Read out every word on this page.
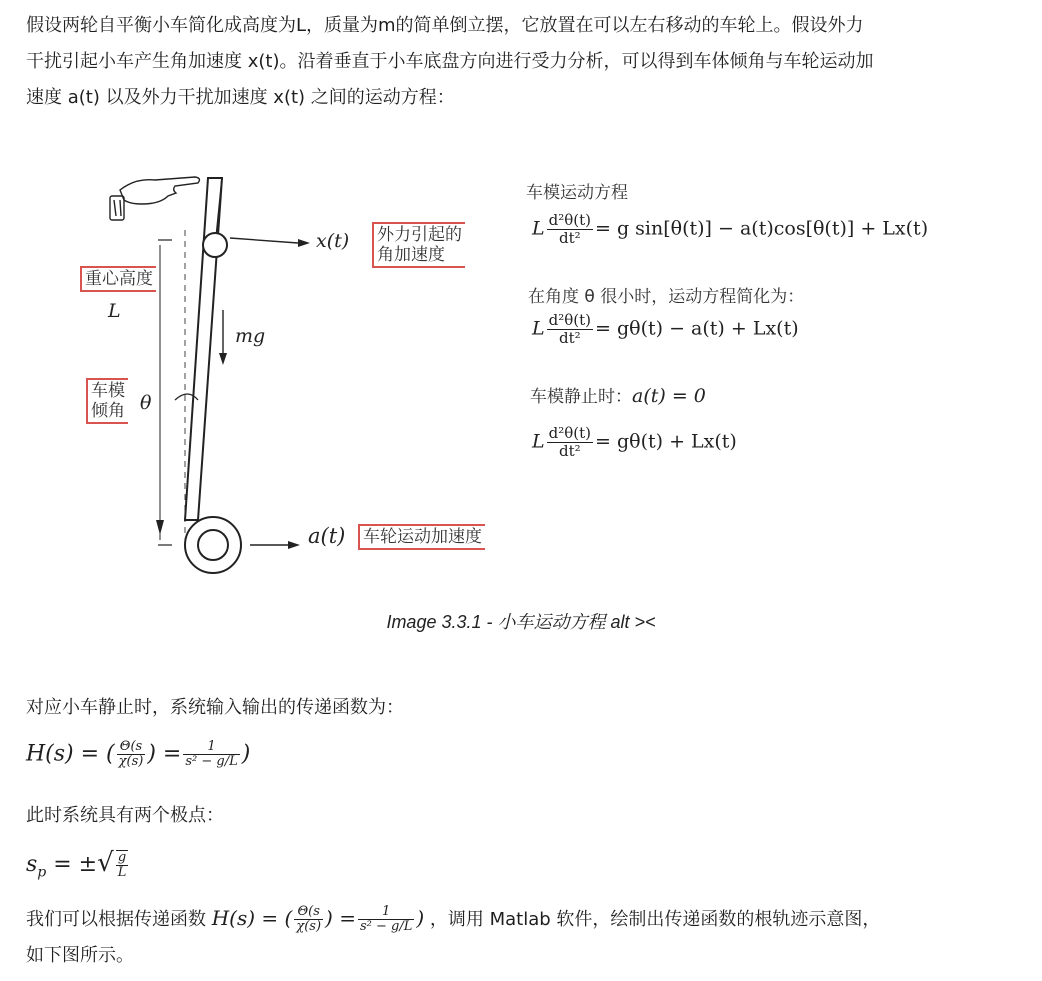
假设两轮自平衡小车简化成高度为L，质量为m的简单倒立摆，它放置在可以左右移动的车轮上。假设外力
干扰引起小车产生角加速度 x(t)。沿着垂直于小车底盘方向进行受力分析，可以得到车体倾角与车轮运动加
速度 a(t) 以及外力干扰加速度 x(t) 之间的运动方程：
x(t) 外力引起的
角加速度
重心高度
L
mg
车模
倾角 θ
a(t) 车轮运动加速度
车模运动方程
L $\frac{\text{d²θ(t)}}{\text{dt²}} = g$ sin[θ(t)] − a(t)cos[θ(t)] + Lx(t)
在角度 θ 很小时，运动方程简化为：
L $\frac{\text{d²θ(t)}}{\text{dt²}} = g\theta(t) - a(t) + Lx(t)$
车模静止时：a(t) = 0
L $\frac{\text{d²θ(t)}}{\text{dt²}} = g\theta(t) + Lx(t)$
Image 3.3.1 - 小车运动方程 alt ><
对应小车静止时，系统输入输出的传递函数为：
H(s) = ( $\frac{\Theta(s}{\chi(s)}$ ) = $\frac{1}{\text{s² − g/L}}$ )
此时系统具有两个极点：
$s_p$ = ±√ $\frac{g}{L}$
我们可以根据传递函数 H(s) = ( $\frac{\Theta(s}{\chi(s)}$ ) = $\frac{1}{\text{s² − g/L}}$ ) ，调用 Matlab 软件，绘制出传递函数的根轨迹示意图，
如下图所示。
